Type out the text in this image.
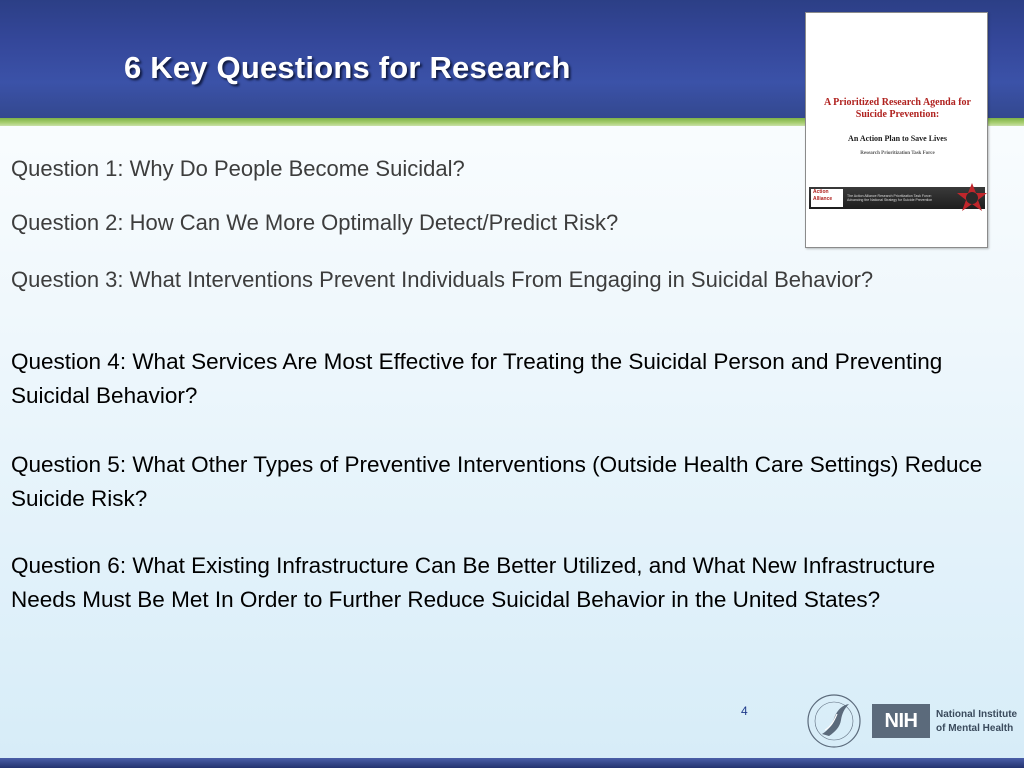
6 Key Questions for Research
A Prioritized Research Agenda for Suicide Prevention:
An Action Plan to Save Lives
Research Prioritization Task Force
Action
Alliance	The Action Alliance Research Prioritization Task Force: Advancing the National Strategy for Suicide Prevention

Question 1: Why Do People Become Suicidal?

Question 2: How Can We More Optimally Detect/Predict Risk?

Question 3: What Interventions Prevent Individuals From Engaging in Suicidal Behavior?

Question 4: What Services Are Most Effective for Treating the Suicidal Person and Preventing Suicidal Behavior?

Question 5: What Other Types of Preventive Interventions (Outside Health Care Settings) Reduce Suicide Risk?

Question 6: What Existing Infrastructure Can Be Better Utilized, and What New Infrastructure Needs Must Be Met In Order to Further Reduce Suicidal Behavior in the United States?

4	NIH	National Institute
of Mental Health
